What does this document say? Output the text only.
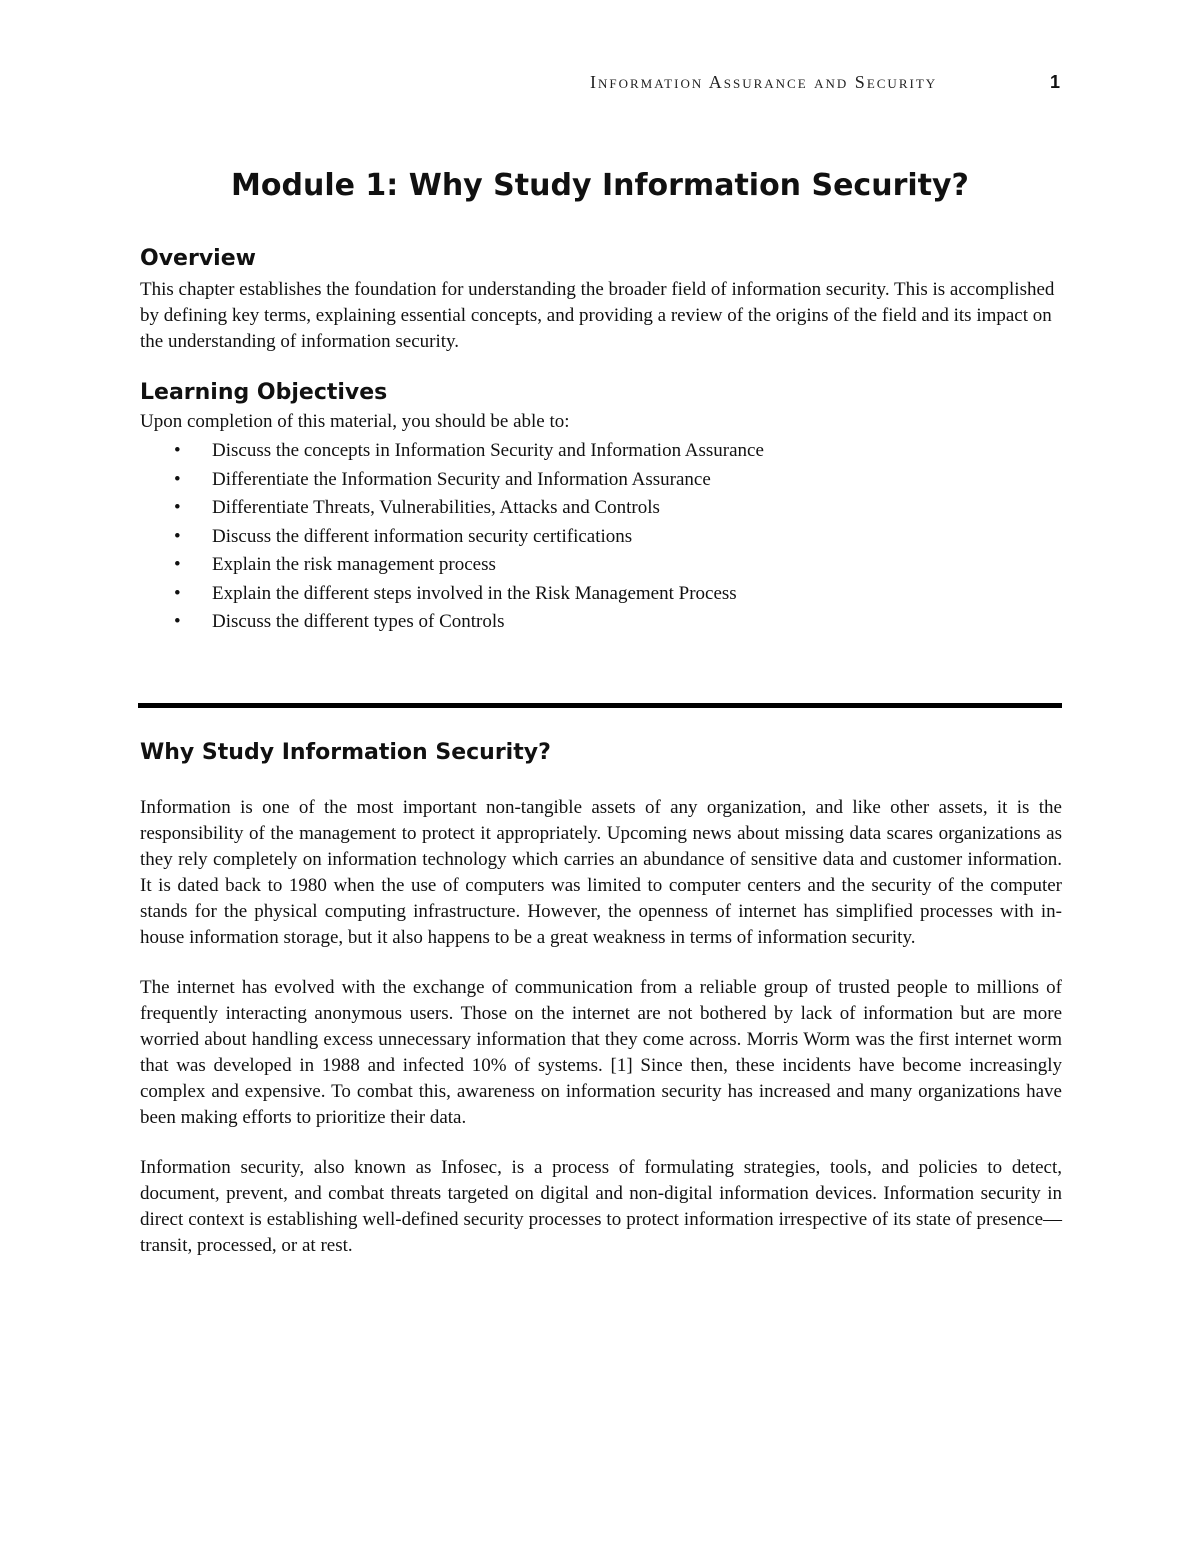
Information Assurance and Security	1
Module 1: Why Study Information Security?
Overview

This chapter establishes the foundation for understanding the broader field of information security. This is accomplished by defining key terms, explaining essential concepts, and providing a review of the origins of the field and its impact on the understanding of information security.

Learning Objectives

Upon completion of this material, you should be able to:

• Discuss the concepts in Information Security and Information Assurance
• Differentiate the Information Security and Information Assurance
• Differentiate Threats, Vulnerabilities, Attacks and Controls
• Discuss the different information security certifications
• Explain the risk management process
• Explain the different steps involved in the Risk Management Process
• Discuss the different types of Controls
Why Study Information Security?

Information is one of the most important non-tangible assets of any organization, and like other assets, it is the responsibility of the management to protect it appropriately. Upcoming news about missing data scares organizations as they rely completely on information technology which carries an abundance of sensitive data and customer information. It is dated back to 1980 when the use of computers was limited to computer centers and the security of the computer stands for the physical computing infrastructure. However, the openness of internet has simplified processes with in-house information storage, but it also happens to be a great weakness in terms of information security.

The internet has evolved with the exchange of communication from a reliable group of trusted people to millions of frequently interacting anonymous users. Those on the internet are not bothered by lack of information but are more worried about handling excess unnecessary information that they come across. Morris Worm was the first internet worm that was developed in 1988 and infected 10% of systems. [1] Since then, these incidents have become increasingly complex and expensive. To combat this, awareness on information security has increased and many organizations have been making efforts to prioritize their data.

Information security, also known as Infosec, is a process of formulating strategies, tools, and policies to detect, document, prevent, and combat threats targeted on digital and non-digital information devices. Information security in direct context is establishing well-defined security processes to protect information irrespective of its state of presence—transit, processed, or at rest.
